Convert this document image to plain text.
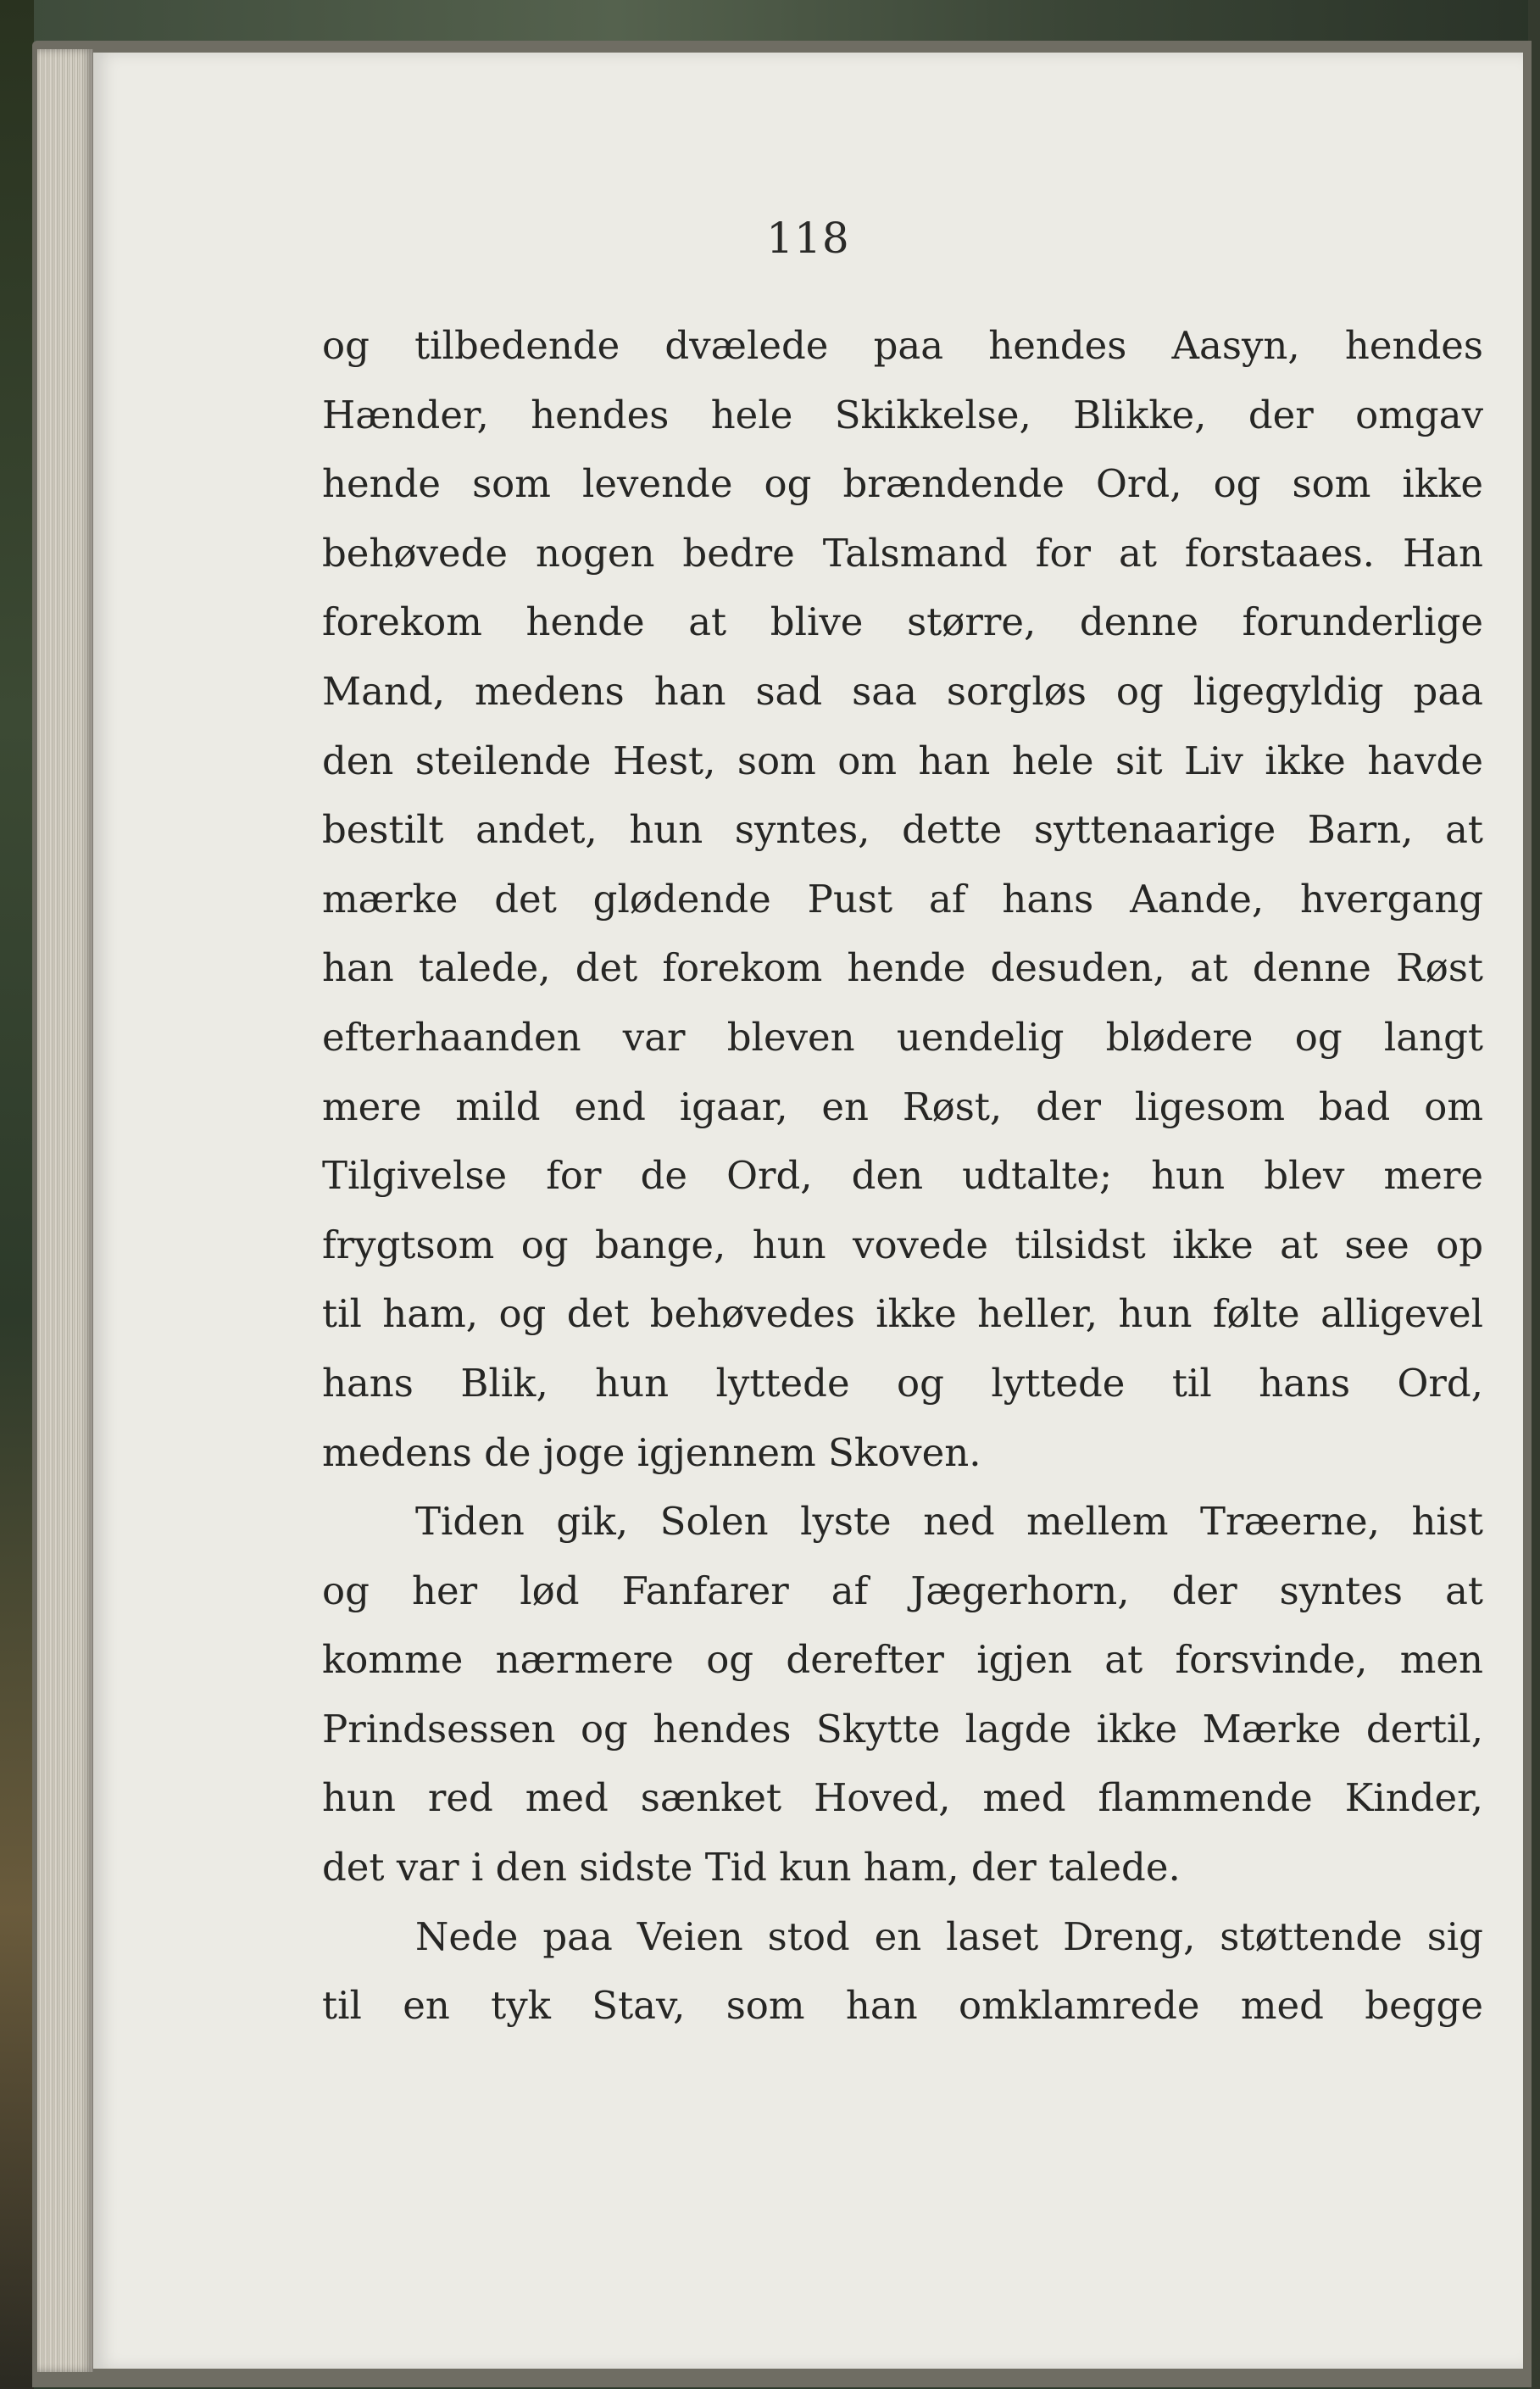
118
og tilbedende dvælede paa hendes Aasyn, hendes
Hænder, hendes hele Skikkelse, Blikke, der omgav
hende som levende og brændende Ord, og som ikke
behøvede nogen bedre Talsmand for at forstaaes. Han
forekom hende at blive større, denne forunderlige
Mand, medens han sad saa sorgløs og ligegyldig paa
den steilende Hest, som om han hele sit Liv ikke havde
bestilt andet, hun syntes, dette syttenaarige Barn, at
mærke det glødende Pust af hans Aande, hvergang
han talede, det forekom hende desuden, at denne Røst
efterhaanden var bleven uendelig blødere og langt
mere mild end igaar, en Røst, der ligesom bad om
Tilgivelse for de Ord, den udtalte; hun blev mere
frygtsom og bange, hun vovede tilsidst ikke at see op
til ham, og det behøvedes ikke heller, hun følte alligevel
hans Blik, hun lyttede og lyttede til hans Ord,
medens de joge igjennem Skoven.
Tiden gik, Solen lyste ned mellem Træerne, hist
og her lød Fanfarer af Jægerhorn, der syntes at
komme nærmere og derefter igjen at forsvinde, men
Prindsessen og hendes Skytte lagde ikke Mærke dertil,
hun red med sænket Hoved, med flammende Kinder,
det var i den sidste Tid kun ham, der talede.
Nede paa Veien stod en laset Dreng, støttende sig
til en tyk Stav, som han omklamrede med begge
